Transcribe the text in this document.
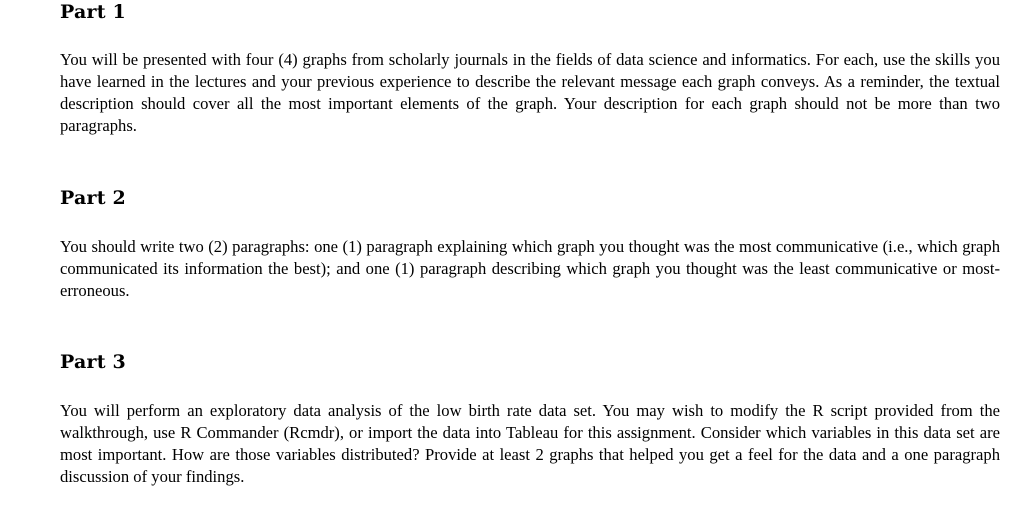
Part 1

You will be presented with four (4) graphs from scholarly journals in the fields of data science and informatics. For each, use the skills you have learned in the lectures and your previous experience to describe the relevant message each graph conveys. As a reminder, the textual description should cover all the most important elements of the graph. Your description for each graph should not be more than two paragraphs.

Part 2

You should write two (2) paragraphs: one (1) paragraph explaining which graph you thought was the most communicative (i.e., which graph communicated its information the best); and one (1) paragraph describing which graph you thought was the least communicative or most-erroneous.

Part 3

You will perform an exploratory data analysis of the low birth rate data set. You may wish to modify the R script provided from the walkthrough, use R Commander (Rcmdr), or import the data into Tableau for this assignment. Consider which variables in this data set are most important. How are those variables distributed? Provide at least 2 graphs that helped you get a feel for the data and a one paragraph discussion of your findings.
